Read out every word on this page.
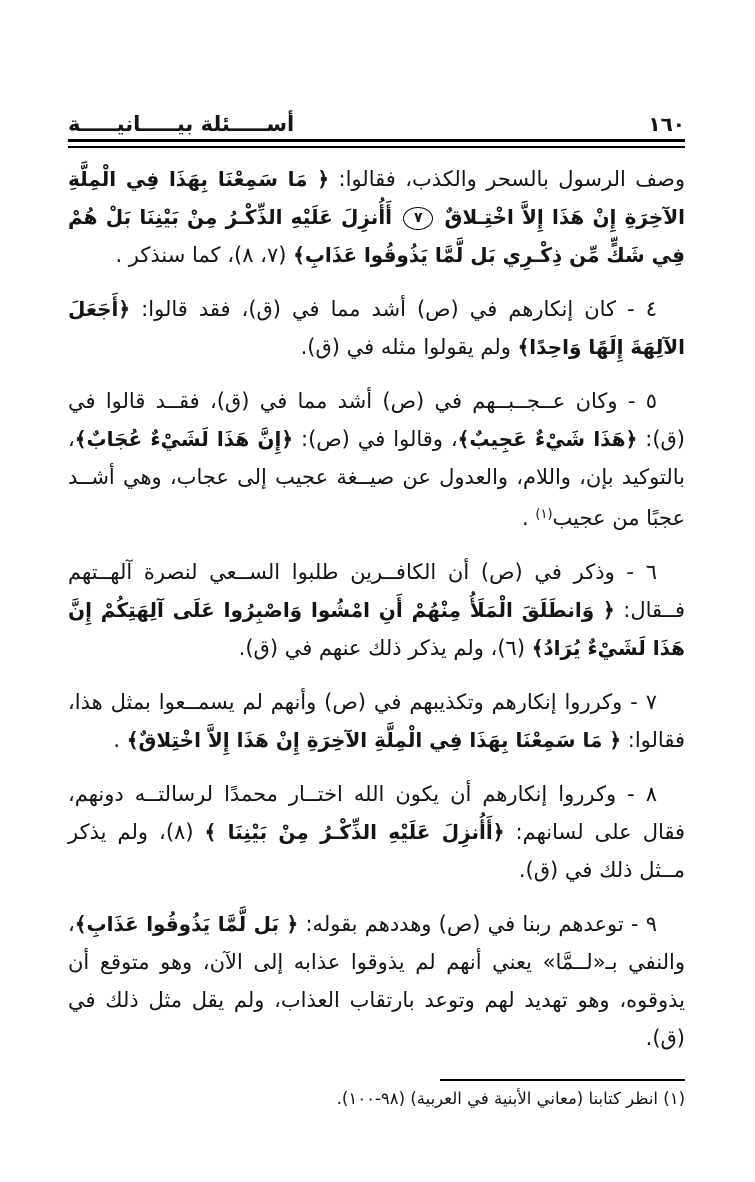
١٦٠
أســـــئلة بيـــــانيـــــة

وصف الرسول بالسحر والكذب، فقالوا: ﴿ مَا سَمِعْنَا بِهَذَا فِي الْمِلَّةِ الآخِرَةِ إِنْ هَذَا إِلاَّ اخْتِـلاقٌ ٧ أَأُنزِلَ عَلَيْهِ الذِّكْـرُ مِنْ بَيْنِنَا بَلْ هُمْ فِي شَكٍّ مِّن ذِكْـرِي بَل لَّمَّا يَذُوقُوا عَذَابِ﴾ (٧، ٨)، كما سنذكر .

٤ - كان إنكارهم في (ص) أشد مما في (ق)، فقد قالوا: ﴿أَجَعَلَ الآلِهَةَ إِلَهًا وَاحِدًا﴾ ولم يقولوا مثله في (ق).

٥ - وكان عــجــبــهم في (ص) أشد مما في (ق)، فقــد قالوا في (ق): ﴿هَذَا شَيْءٌ عَجِيبٌ﴾، وقالوا في (ص): ﴿إِنَّ هَذَا لَشَيْءٌ عُجَابٌ﴾، بالتوكيد بإن، واللام، والعدول عن صيــغة عجيب إلى عجاب، وهي أشــد عجبًا من عجيب$^{(١)}$ .

٦ - وذكر في (ص) أن الكافــرين طلبوا الســعي لنصرة آلهــتهم فــقال: ﴿ وَانطَلَقَ الْمَلَأُ مِنْهُمْ أَنِ امْشُوا وَاصْبِرُوا عَلَى آلِهَتِكُمْ إِنَّ هَذَا لَشَيْءٌ يُرَادُ﴾ (٦)، ولم يذكر ذلك عنهم في (ق).

٧ - وكرروا إنكارهم وتكذيبهم في (ص) وأنهم لم يسمــعوا بمثل هذا، فقالوا: ﴿ مَا سَمِعْنَا بِهَذَا فِي الْمِلَّةِ الآخِرَةِ إِنْ هَذَا إِلاَّ اخْتِلاقٌ﴾ .

٨ - وكرروا إنكارهم أن يكون الله اختــار محمدًا لرسالتــه دونهم، فقال على لسانهم: ﴿أَأُنزِلَ عَلَيْهِ الذِّكْـرُ مِنْ بَيْنِنَا ﴾ (٨)، ولم يذكر مــثل ذلك في (ق).

٩ - توعدهم ربنا في (ص) وهددهم بقوله: ﴿ بَل لَّمَّا يَذُوقُوا عَذَابِ﴾، والنفي بـ«لــمَّا» يعني أنهم لم يذوقوا عذابه إلى الآن، وهو متوقع أن يذوقوه، وهو تهديد لهم وتوعد بارتقاب العذاب، ولم يقل مثل ذلك في (ق).

(١) انظر كتابنا (معاني الأبنية في العربية) (٩٨-١٠٠).
